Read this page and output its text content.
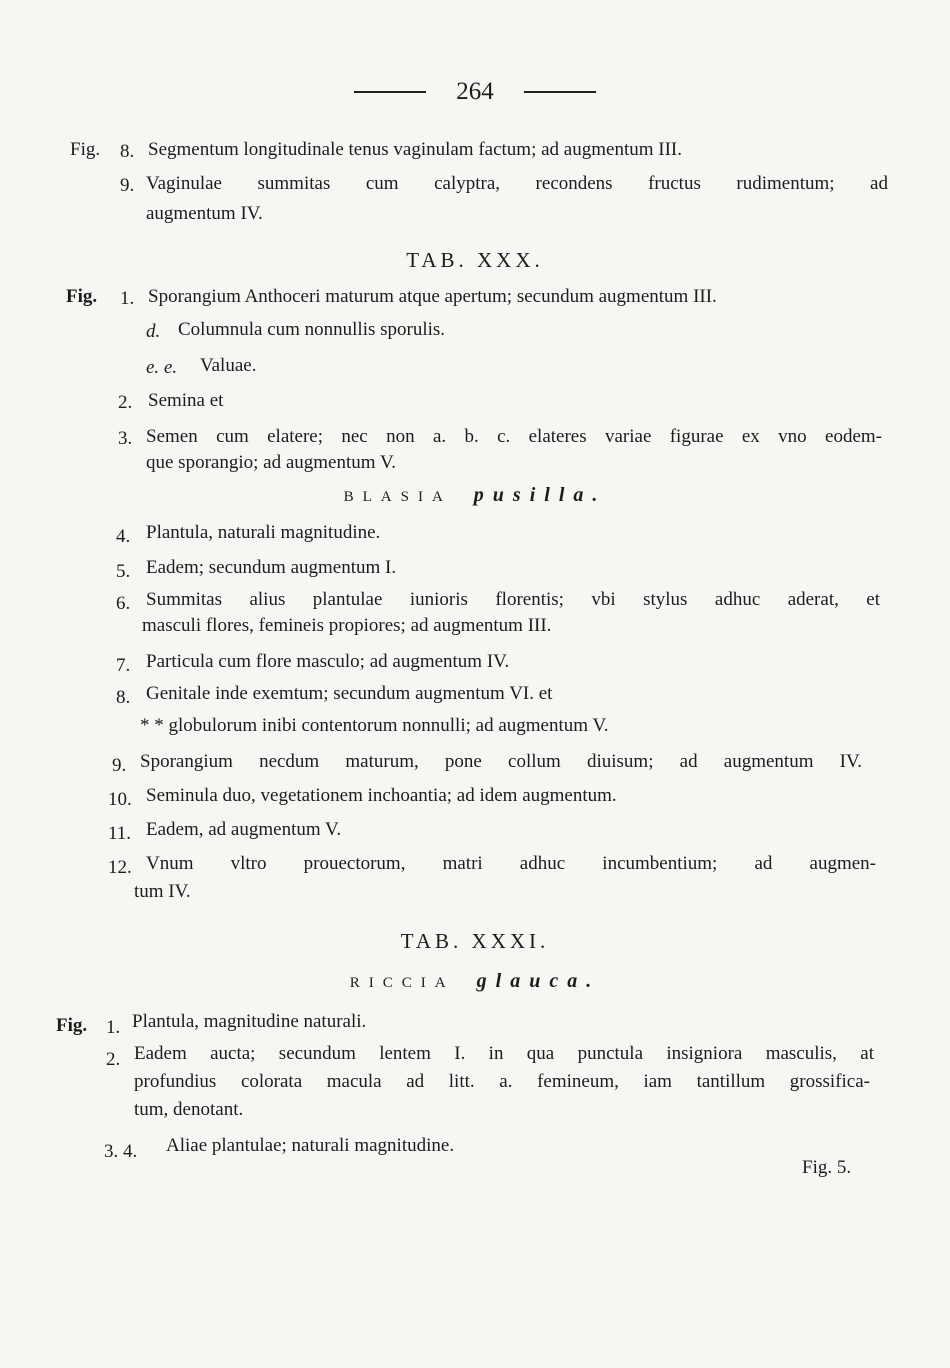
264
Fig. 8. Segmentum longitudinale tenus vaginulam factum; ad augmentum III.
9. Vaginulae summitas cum calyptra, recondens fructus rudimentum; ad
augmentum IV.
TAB. XXX.
Fig. 1. Sporangium Anthoceri maturum atque apertum; secundum augmentum III.
d. Columnula cum nonnullis sporulis.
e. e. Valuae.
2. Semina et
3. Semen cum elatere; nec non a. b. c. elateres variae figurae ex vno eodem-
que sporangio; ad augmentum V.
BLASIA pusilla.
4. Plantula, naturali magnitudine.
5. Eadem; secundum augmentum I.
6. Summitas alius plantulae iunioris florentis; vbi stylus adhuc aderat, et
masculi flores, femineis propiores; ad augmentum III.
7. Particula cum flore masculo; ad augmentum IV.
8. Genitale inde exemtum; secundum augmentum VI. et
* * globulorum inibi contentorum nonnulli; ad augmentum V.
9. Sporangium necdum maturum, pone collum diuisum; ad augmentum IV.
10. Seminula duo, vegetationem inchoantia; ad idem augmentum.
11. Eadem, ad augmentum V.
12. Vnum vltro prouectorum, matri adhuc incumbentium; ad augmen-
tum IV.
TAB. XXXI.
RICCIA glauca.
Fig. 1. Plantula, magnitudine naturali.
2. Eadem aucta; secundum lentem I. in qua punctula insigniora masculis, at
profundius colorata macula ad litt. a. femineum, iam tantillum grossifica-
tum, denotant.
3. 4. Aliae plantulae; naturali magnitudine.
Fig. 5.
